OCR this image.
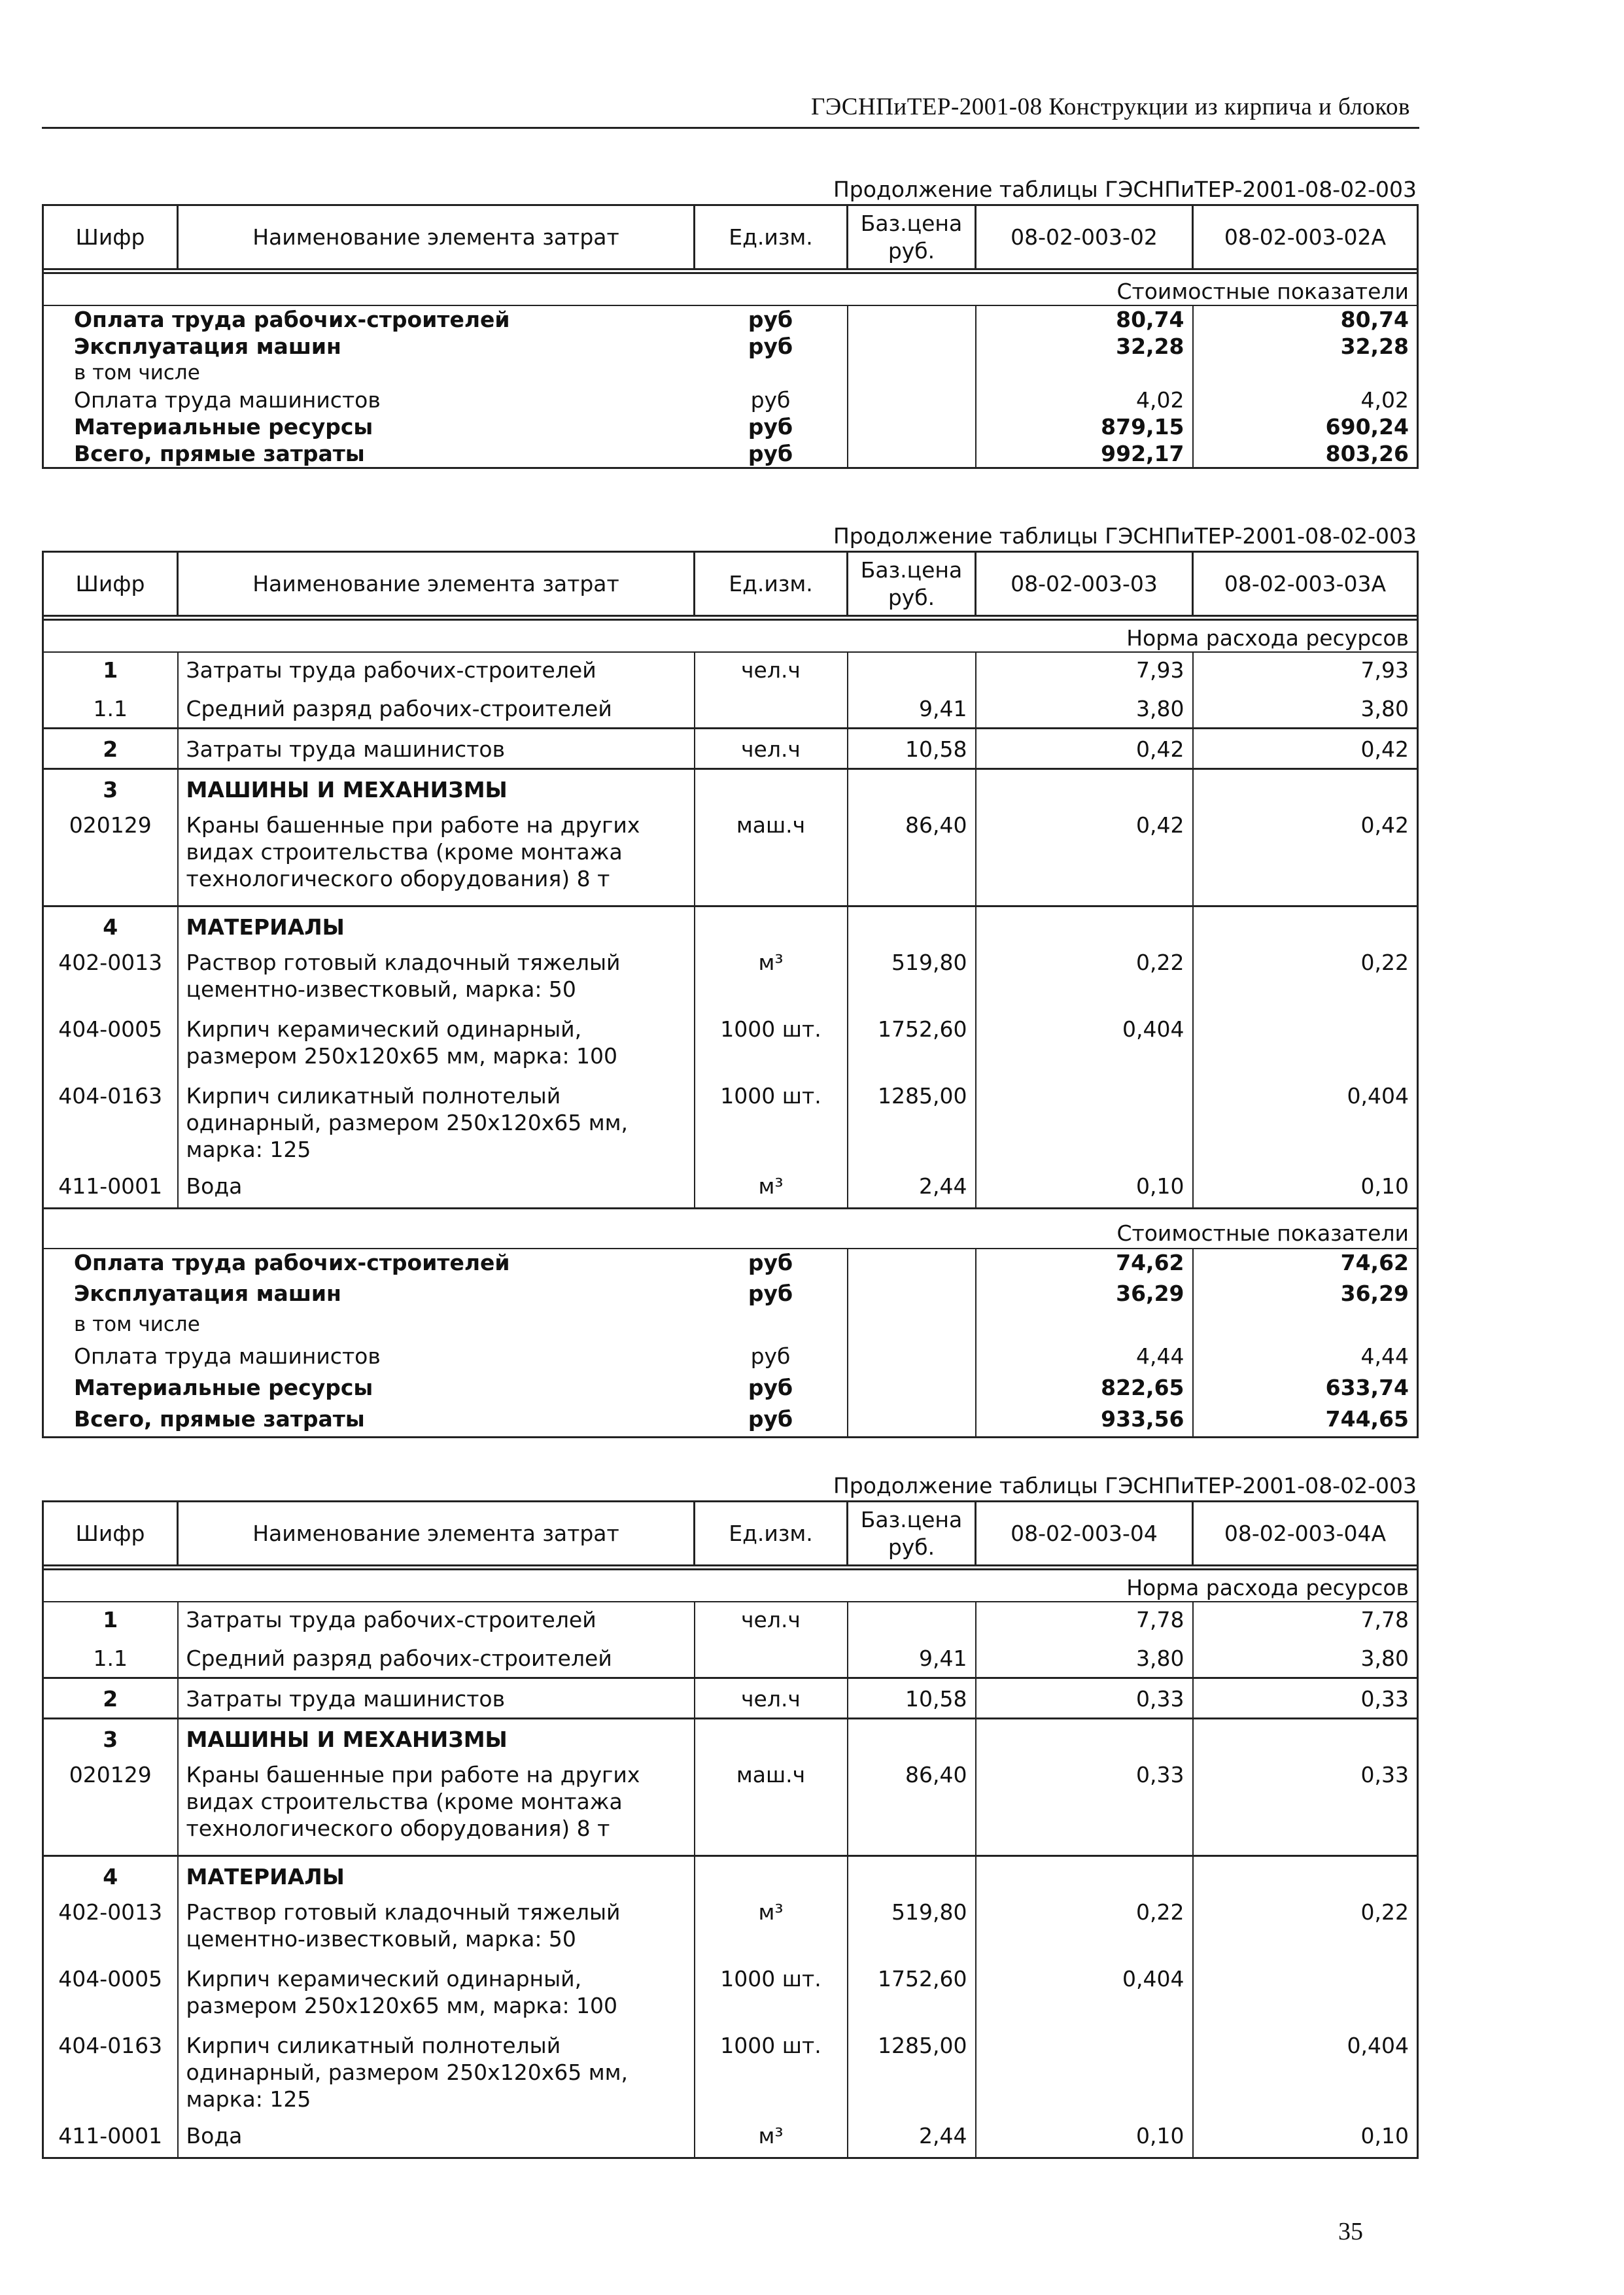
ГЭСНПиТЕР-2001-08 Конструкции из кирпича и блоков
Продолжение таблицы ГЭСНПиТЕР-2001-08-02-003
Шифр	Наименование элемента затрат	Ед.изм.	Баз.цена руб.	08-02-003-02	08-02-003-02А

Стоимостные показатели					
Оплата труда рабочих-строителей		руб		80,74	80,74
Эксплуатация машин		руб		32,28	32,28
в том числе					
Оплата труда машинистов		руб		4,02	4,02
Материальные ресурсы		руб		879,15	690,24
Всего, прямые затраты		руб		992,17	803,26
Продолжение таблицы ГЭСНПиТЕР-2001-08-02-003
Шифр	Наименование элемента затрат	Ед.изм.	Баз.цена руб.	08-02-003-03	08-02-003-03А

Норма расхода ресурсов					
1	Затраты труда рабочих-строителей	чел.ч		7,93	7,93
1.1	Средний разряд рабочих-строителей		9,41	3,80	3,80
2	Затраты труда машинистов	чел.ч	10,58	0,42	0,42
3	МАШИНЫ И МЕХАНИЗМЫ				
020129	Краны башенные при работе на других видах строительства (кроме монтажа технологического оборудования) 8 т	маш.ч	86,40	0,42	0,42
4	МАТЕРИАЛЫ				
402-0013	Раствор готовый кладочный тяжелый цементно-известковый, марка: 50	м³	519,80	0,22	0,22
404-0005	Кирпич керамический одинарный, размером 250х120х65 мм, марка: 100	1000 шт.	1752,60	0,404	
404-0163	Кирпич силикатный полнотелый одинарный, размером 250х120х65 мм, марка: 125	1000 шт.	1285,00		0,404
411-0001	Вода	м³	2,44	0,10	0,10
Стоимостные показатели					
Оплата труда рабочих-строителей		руб		74,62	74,62
Эксплуатация машин		руб		36,29	36,29
в том числе					
Оплата труда машинистов		руб		4,44	4,44
Материальные ресурсы		руб		822,65	633,74
Всего, прямые затраты		руб		933,56	744,65
Продолжение таблицы ГЭСНПиТЕР-2001-08-02-003
Шифр	Наименование элемента затрат	Ед.изм.	Баз.цена руб.	08-02-003-04	08-02-003-04А

Норма расхода ресурсов					
1	Затраты труда рабочих-строителей	чел.ч		7,78	7,78
1.1	Средний разряд рабочих-строителей		9,41	3,80	3,80
2	Затраты труда машинистов	чел.ч	10,58	0,33	0,33
3	МАШИНЫ И МЕХАНИЗМЫ				
020129	Краны башенные при работе на других видах строительства (кроме монтажа технологического оборудования) 8 т	маш.ч	86,40	0,33	0,33
4	МАТЕРИАЛЫ				
402-0013	Раствор готовый кладочный тяжелый цементно-известковый, марка: 50	м³	519,80	0,22	0,22
404-0005	Кирпич керамический одинарный, размером 250х120х65 мм, марка: 100	1000 шт.	1752,60	0,404	
404-0163	Кирпич силикатный полнотелый одинарный, размером 250х120х65 мм, марка: 125	1000 шт.	1285,00		0,404
411-0001	Вода	м³	2,44	0,10	0,10
35
